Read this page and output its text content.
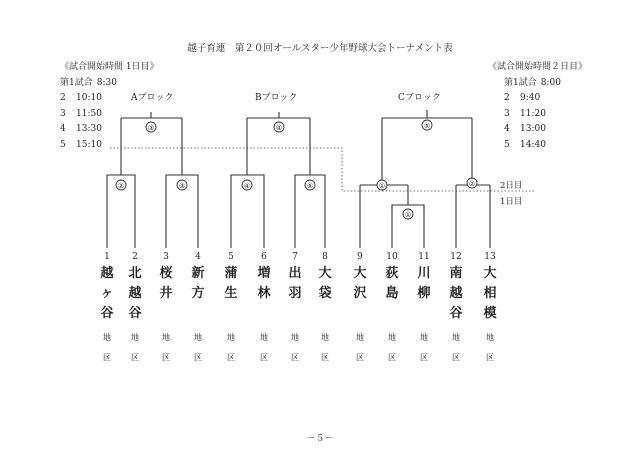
越子育連　第２０回オールスター少年野球大会トーナメント表
《試合開始時間 1日目》
第1試合 8:30
2 10:10
3 11:50
4 13:30
5 15:10
《試合開始時間２日目》
第1試合 8:00
2 9:40
3 11:20
4 13:00
5 14:40
Aブロック	Bブロック	Cブロック
2日目
1日目
③	④	⑤
②	③	④	⑤	①	②
①
1
越
ヶ
谷
地
区
2
北
越
谷
地
区
3
桜
井
地
区
4
新
方
地
区
5
蒲
生
地
区
6
増
林
地
区
7
出
羽
地
区
8
大
袋
地
区
9
大
沢
地
区
10
荻
島
地
区
11
川
柳
地
区
12
南
越
谷
地
区
13
大
相
模
地
区
－５－
